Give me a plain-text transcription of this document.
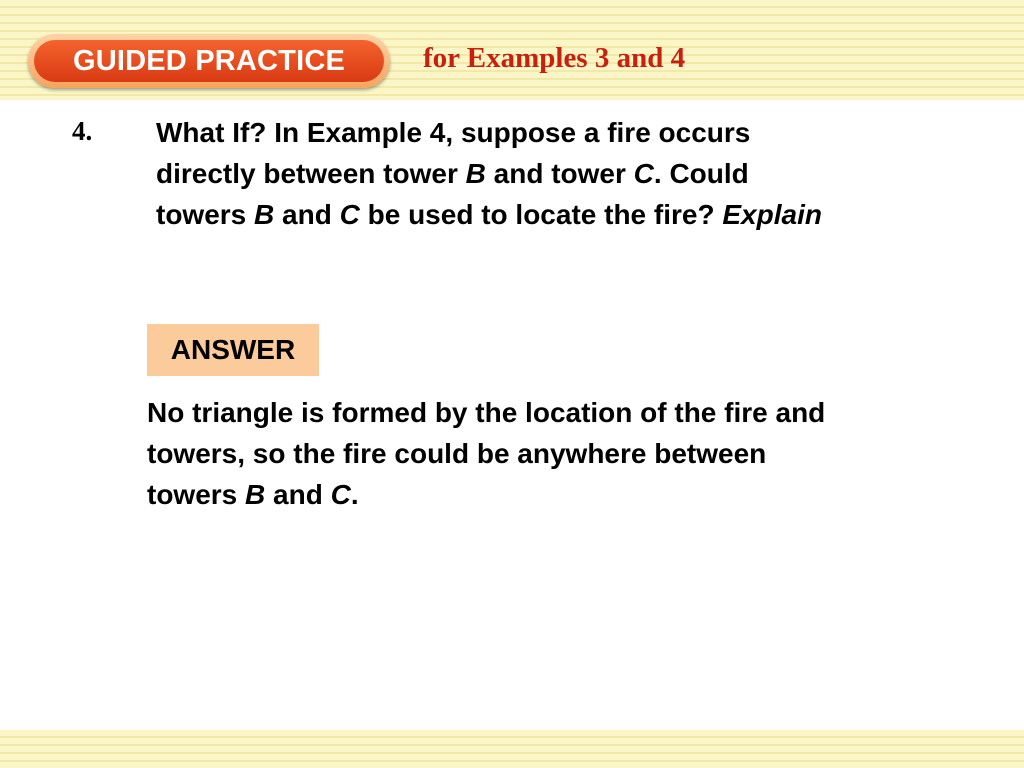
GUIDED PRACTICE	for Examples 3 and 4
4. What If? In Example 4, suppose a fire occurs
directly between tower B and tower C. Could
towers B and C be used to locate the fire? Explain
ANSWER
No triangle is formed by the location of the fire and
towers, so the fire could be anywhere between
towers B and C.
